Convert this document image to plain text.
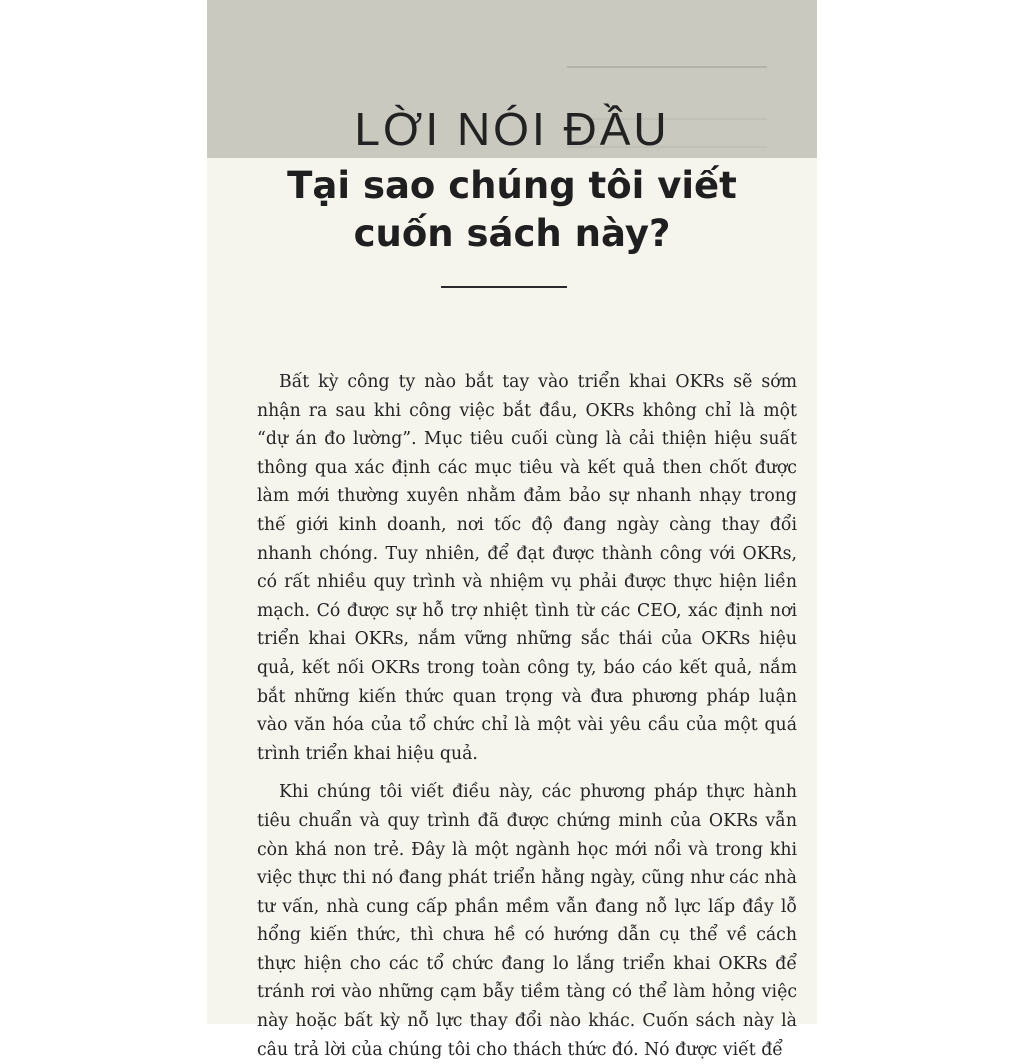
LỜI NÓI ĐẦU
Tại sao chúng tôi viết
cuốn sách này?

Bất kỳ công ty nào bắt tay vào triển khai OKRs sẽ sớm nhận ra sau khi công việc bắt đầu, OKRs không chỉ là một “dự án đo lường”. Mục tiêu cuối cùng là cải thiện hiệu suất thông qua xác định các mục tiêu và kết quả then chốt được làm mới thường xuyên nhằm đảm bảo sự nhanh nhạy trong thế giới kinh doanh, nơi tốc độ đang ngày càng thay đổi nhanh chóng. Tuy nhiên, để đạt được thành công với OKRs, có rất nhiều quy trình và nhiệm vụ phải được thực hiện liền mạch. Có được sự hỗ trợ nhiệt tình từ các CEO, xác định nơi triển khai OKRs, nắm vững những sắc thái của OKRs hiệu quả, kết nối OKRs trong toàn công ty, báo cáo kết quả, nắm bắt những kiến thức quan trọng và đưa phương pháp luận vào văn hóa của tổ chức chỉ là một vài yêu cầu của một quá trình triển khai hiệu quả.

Khi chúng tôi viết điều này, các phương pháp thực hành tiêu chuẩn và quy trình đã được chứng minh của OKRs vẫn còn khá non trẻ. Đây là một ngành học mới nổi và trong khi việc thực thi nó đang phát triển hằng ngày, cũng như các nhà tư vấn, nhà cung cấp phần mềm vẫn đang nỗ lực lấp đầy lỗ hổng kiến thức, thì chưa hề có hướng dẫn cụ thể về cách thực hiện cho các tổ chức đang lo lắng triển khai OKRs để tránh rơi vào những cạm bẫy tiềm tàng có thể làm hỏng việc này hoặc bất kỳ nỗ lực thay đổi nào khác. Cuốn sách này là câu trả lời của chúng tôi cho thách thức đó. Nó được viết để
